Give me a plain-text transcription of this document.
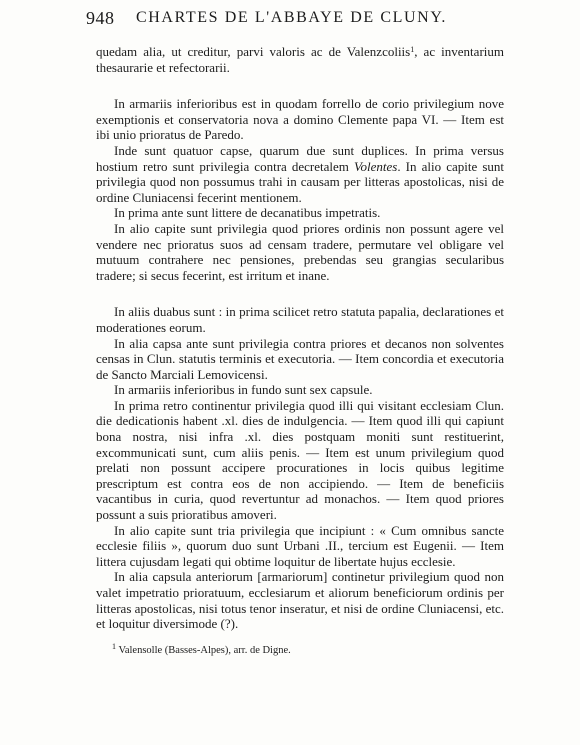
948 CHARTES DE L'ABBAYE DE CLUNY.

quedam alia, ut creditur, parvi valoris ac de Valenzcoliis$^1$, ac inventarium thesaurarie et refectorarii.

In armariis inferioribus est in quodam forrello de corio privilegium nove exemptionis et conservatoria nova a domino Clemente papa VI. — Item est ibi unio prioratus de Paredo.

Inde sunt quatuor capse, quarum due sunt duplices. In prima versus hostium retro sunt privilegia contra decretalem Volentes. In alio capite sunt privilegia quod non possumus trahi in causam per litteras apostolicas, nisi de ordine Cluniacensi fecerint mentionem.

In prima ante sunt littere de decanatibus impetratis.

In alio capite sunt privilegia quod priores ordinis non possunt agere vel vendere nec prioratus suos ad censam tradere, permutare vel obligare vel mutuum contrahere nec pensiones, prebendas seu grangias secularibus tradere; si secus fecerint, est irritum et inane.

In aliis duabus sunt : in prima scilicet retro statuta papalia, declarationes et moderationes eorum.

In alia capsa ante sunt privilegia contra priores et decanos non solventes censas in Clun. statutis terminis et executoria. — Item concordia et executoria de Sancto Marciali Lemovicensi.

In armariis inferioribus in fundo sunt sex capsule.

In prima retro continentur privilegia quod illi qui visitant ecclesiam Clun. die dedicationis habent .xl. dies de indulgencia. — Item quod illi qui capiunt bona nostra, nisi infra .xl. dies postquam moniti sunt restituerint, excommunicati sunt, cum aliis penis. — Item est unum privilegium quod prelati non possunt accipere procurationes in locis quibus legitime prescriptum est contra eos de non accipiendo. — Item de beneficiis vacantibus in curia, quod revertuntur ad monachos. — Item quod priores possunt a suis prioratibus amoveri.

In alio capite sunt tria privilegia que incipiunt : « Cum omnibus sancte ecclesie filiis », quorum duo sunt Urbani .II., tercium est Eugenii. — Item littera cujusdam legati qui obtime loquitur de libertate hujus ecclesie.

In alia capsula anteriorum [armariorum] continetur privilegium quod non valet impetratio prioratuum, ecclesiarum et aliorum beneficiorum ordinis per litteras apostolicas, nisi totus tenor inseratur, et nisi de ordine Cluniacensi, etc. et loquitur diversimode (?).

$^1$ Valensolle (Basses-Alpes), arr. de Digne.
